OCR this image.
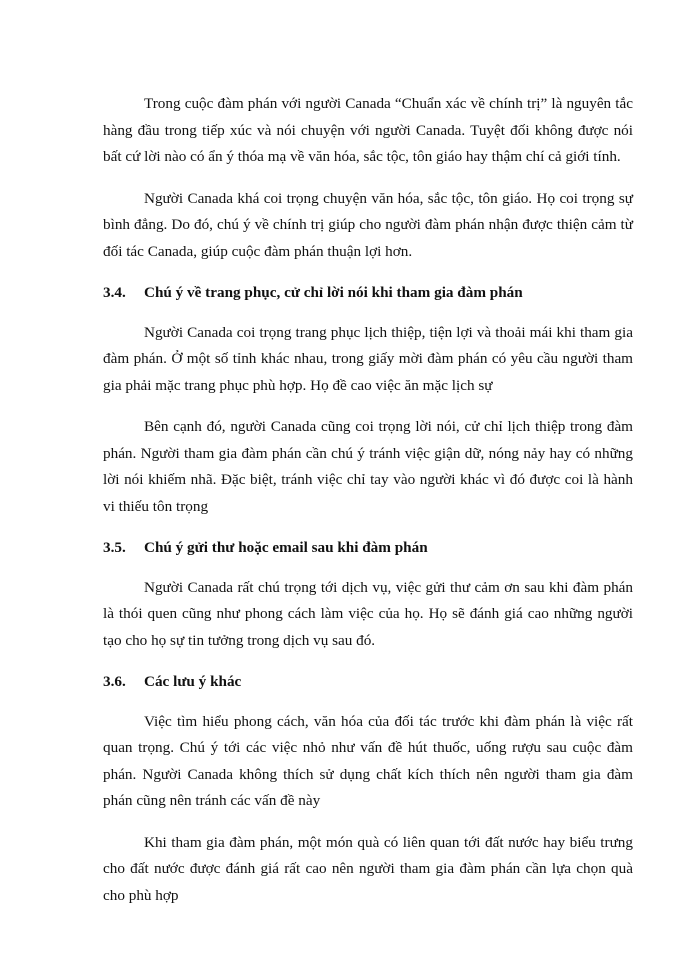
Trong cuộc đàm phán với người Canada “Chuẩn xác về chính trị” là nguyên tắc hàng đầu trong tiếp xúc và nói chuyện với người Canada. Tuyệt đối không được nói bất cứ lời nào có ẩn ý thóa mạ về văn hóa, sắc tộc, tôn giáo hay thậm chí cả giới tính.

Người Canada khá coi trọng chuyện văn hóa, sắc tộc, tôn giáo. Họ coi trọng sự bình đẳng. Do đó, chú ý về chính trị giúp cho người đàm phán nhận được thiện cảm từ đối tác Canada, giúp cuộc đàm phán thuận lợi hơn.

3.4.	Chú ý về trang phục, cử chỉ lời nói khi tham gia đàm phán

Người Canada coi trọng trang phục lịch thiệp, tiện lợi và thoải mái khi tham gia đàm phán. Ở một số tỉnh khác nhau, trong giấy mời đàm phán có yêu cầu người tham gia phải mặc trang phục phù hợp. Họ đề cao việc ăn mặc lịch sự

Bên cạnh đó, người Canada cũng coi trọng lời nói, cử chỉ lịch thiệp trong đàm phán. Người tham gia đàm phán cần chú ý tránh việc giận dữ, nóng nảy hay có những lời nói khiếm nhã. Đặc biệt, tránh việc chỉ tay vào người khác vì đó được coi là hành vi thiếu tôn trọng

3.5.	Chú ý gửi thư hoặc email sau khi đàm phán

Người Canada rất chú trọng tới dịch vụ, việc gửi thư cảm ơn sau khi đàm phán là thói quen cũng như phong cách làm việc của họ. Họ sẽ đánh giá cao những người tạo cho họ sự tin tưởng trong dịch vụ sau đó.

3.6.	Các lưu ý khác

Việc tìm hiểu phong cách, văn hóa của đối tác trước khi đàm phán là việc rất quan trọng. Chú ý tới các việc nhỏ như vấn đề hút thuốc, uống rượu sau cuộc đàm phán. Người Canada không thích sử dụng chất kích thích nên người tham gia đàm phán cũng nên tránh các vấn đề này

Khi tham gia đàm phán, một món quà có liên quan tới đất nước hay biểu trưng cho đất nước được đánh giá rất cao nên người tham gia đàm phán cần lựa chọn quà cho phù hợp
